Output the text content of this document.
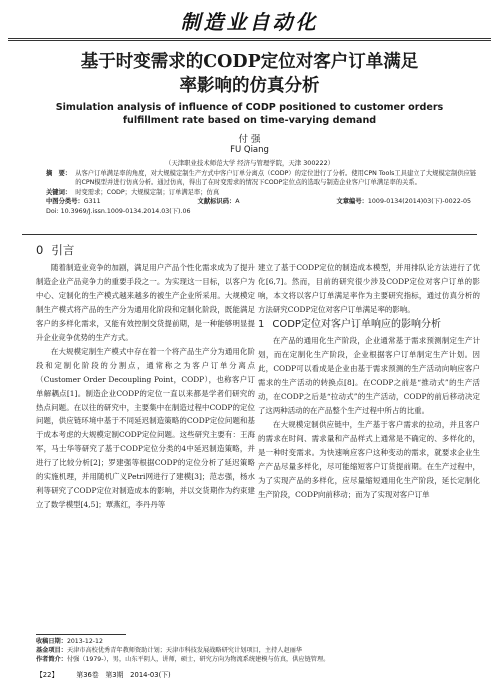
制造业自动化
基于时变需求的CODP定位对客户订单满足
率影响的仿真分析
Simulation analysis of influence of CODP positioned to customer orders
fulfillment rate based on time-varying demand
付 强
FU Qiang
（天津职业技术师范大学 经济与管理学院，天津 300222）
摘　要： 从客户订单满足率的角度，对大规模定制生产方式中客户订单分离点（CODP）的定位进行了分析。使用CPN Tools工具建立了大规模定制供应链的CPN模型并进行仿真分析。通过仿真，得出了在时变需求的情况下CODP定位点的选取与制造企业客户订单满足率的关系。
关键词： 时变需求；CODP；大规模定制；订单满足率；仿真
中图分类号：G311	文献标识码：A	文章编号：1009-0134(2014)03(下)-0022-05
Doi: 10.3969/J.issn.1009-0134.2014.03(下).06
0 引言

随着制造业竞争的加剧，满足用户产品个性化需求成为了提升制造企业产品竞争力的重要手段之一。为实现这一目标，以客户为中心、定制化的生产模式越来越多的被生产企业所采用。大规模定制生产模式将产品的生产分为通用化阶段和定制化阶段，既能满足客户的多样化需求，又能有效控制交货提前期，是一种能够明显提升企业竞争优势的生产方式。

在大规模定制生产模式中存在着一个将产品生产分为通用化阶段和定制化阶段的分割点，通常称之为客户订单分离点（Customer Order Decoupling Point，CODP），也称客户订单解耦点[1]。制造企业CODP的定位一直以来都是学者们研究的热点问题。在以往的研究中，主要集中在制造过程中CODP的定位问题，供应链环境中基于不同延迟制造策略的CODP定位问题和基于成本考虑的大规模定制CODP定位问题。这些研究主要有：王海军，马士华等研究了基于CODP定位分类的4中延迟制造策略，并进行了比较分析[2]；罗建强等根据CODP的定位分析了延迟策略的实施机理，并用随机广义Petri网进行了建模[3]；范志强，杨水利等研究了CODP定位对制造成本的影响，并以交货期作为约束建立了数学模型[4,5]；覃燕红，李丹丹等

建立了基于CODP定位的制造成本模型，并用排队论方法进行了优化[6,7]。然而，目前的研究很少涉及CODP定位对客户订单的影响，本文将以客户订单满足率作为主要研究指标，通过仿真分析的方法研究CODP定位对客户订单满足率的影响。

1 CODP定位对客户订单响应的影响分析

在产品的通用化生产阶段，企业通常基于需求预测制定生产计划，而在定制化生产阶段，企业根据客户订单制定生产计划。因此，CODP可以看成是企业由基于需求预测的生产活动向响应客户需求的生产活动的转换点[8]。在CODP之前是“推动式”的生产活动，在CODP之后是“拉动式”的生产活动，CODP的前后移动决定了这两种活动的在产品整个生产过程中所占的比重。

在大规模定制供应链中，生产基于客户需求的拉动，并且客户的需求在时间、需求量和产品样式上通常是不确定的、多样化的，是一种时变需求。为快速响应客户这种变动的需求，就要求企业生产产品尽量多样化，尽可能缩短客户订货提前期。在生产过程中，为了实现产品的多样化，应尽量缩短通用化生产阶段，延长定制化生产阶段，CODP向前移动；而为了实现对客户订单

收稿日期：2013-12-12
基金项目：天津市高校优秀青年教师资助计划；天津市科技发展战略研究计划项目，主持人赵丽华
作者简介：付强（1979-），男，山东平阴人，讲师，硕士，研究方向为物流系统建模与仿真，供应链管理。
【22】	第36卷　第3期　2014-03(下)
